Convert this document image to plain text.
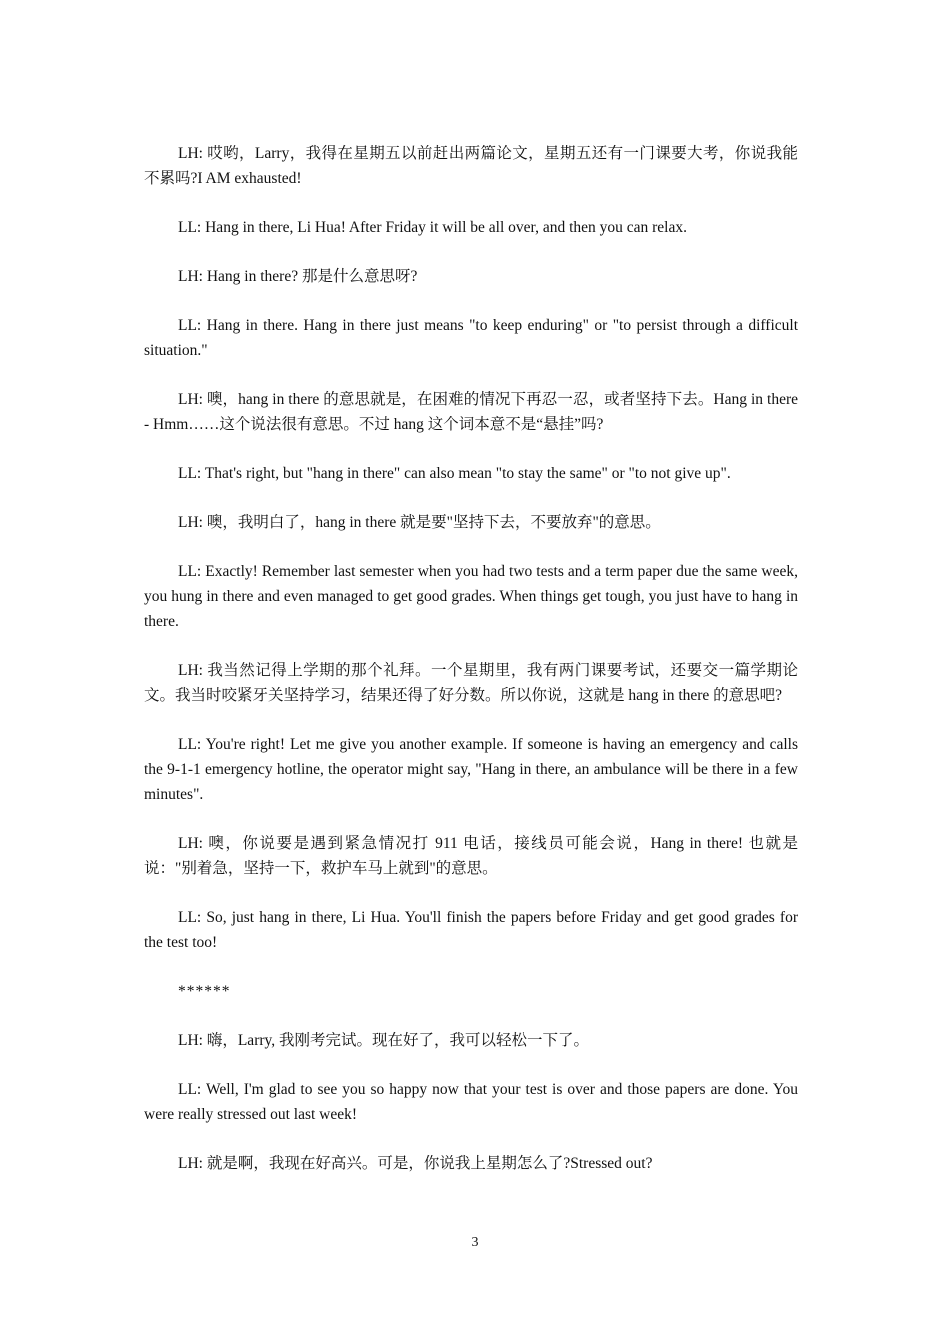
LH: 哎哟，Larry，我得在星期五以前赶出两篇论文，星期五还有一门课要大考，你说我能不累吗?I AM exhausted!

LL: Hang in there, Li Hua! After Friday it will be all over, and then you can relax.

LH: Hang in there? 那是什么意思呀?

LL: Hang in there. Hang in there just means "to keep enduring" or "to persist through a difficult situation."

LH: 噢，hang in there 的意思就是，在困难的情况下再忍一忍，或者坚持下去。Hang in there - Hmm……这个说法很有意思。不过 hang 这个词本意不是“悬挂”吗?

LL: That's right, but "hang in there" can also mean "to stay the same" or "to not give up".

LH: 噢，我明白了，hang in there 就是要"坚持下去，不要放弃"的意思。

LL: Exactly! Remember last semester when you had two tests and a term paper due the same week, you hung in there and even managed to get good grades. When things get tough, you just have to hang in there.

LH: 我当然记得上学期的那个礼拜。一个星期里，我有两门课要考试，还要交一篇学期论文。我当时咬紧牙关坚持学习，结果还得了好分数。所以你说，这就是 hang in there 的意思吧?

LL: You're right! Let me give you another example. If someone is having an emergency and calls the 9-1-1 emergency hotline, the operator might say, "Hang in there, an ambulance will be there in a few minutes".

LH: 噢，你说要是遇到紧急情况打 911 电话，接线员可能会说，Hang in there! 也就是说："别着急，坚持一下，救护车马上就到"的意思。

LL: So, just hang in there, Li Hua. You'll finish the papers before Friday and get good grades for the test too!

******

LH: 嗨，Larry, 我刚考完试。现在好了，我可以轻松一下了。

LL: Well, I'm glad to see you so happy now that your test is over and those papers are done. You were really stressed out last week!

LH: 就是啊，我现在好高兴。可是，你说我上星期怎么了?Stressed out?

3
